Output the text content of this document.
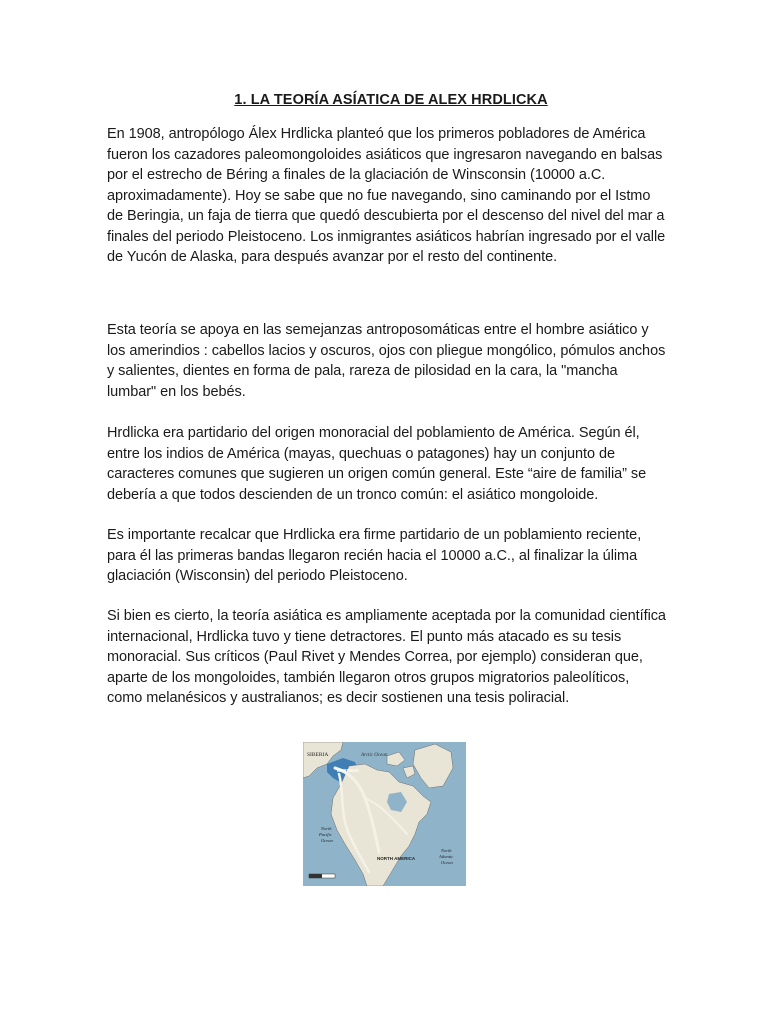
1. LA TEORÍA ASÍATICA DE ALEX HRDLICKA

En 1908, antropólogo Álex Hrdlicka planteó que los primeros pobladores de América fueron los cazadores paleomongoloides asiáticos que ingresaron navegando en balsas por el estrecho de Béring a finales de la glaciación de Winsconsin (10000 a.C. aproximadamente). Hoy se sabe que no fue navegando, sino caminando por el Istmo de Beringia, un faja de tierra que quedó descubierta por el descenso del nivel del mar a finales del periodo Pleistoceno. Los inmigrantes asiáticos habrían ingresado por el valle de Yucón de Alaska, para después avanzar por el resto del continente.

Esta teoría se apoya en las semejanzas antroposomáticas entre el hombre asiático y los amerindios : cabellos lacios y oscuros, ojos con pliegue mongólico, pómulos anchos y salientes, dientes en forma de pala, rareza de pilosidad en la cara, la "mancha lumbar" en los bebés.

Hrdlicka era partidario del origen monoracial del poblamiento de América. Según él, entre los indios de América (mayas, quechuas o patagones) hay un conjunto de caracteres comunes que sugieren un origen común general. Este “aire de familia” se debería a que todos descienden de un tronco común: el asiático mongoloide.

Es importante recalcar que Hrdlicka era firme partidario de un poblamiento reciente, para él las primeras bandas llegaron recién hacia el 10000 a.C., al finalizar la úlima glaciación (Wisconsin) del periodo Pleistoceno.

Si bien es cierto, la teoría asiática es ampliamente aceptada por la comunidad científica internacional, Hrdlicka tuvo y tiene detractores. El punto más atacado es su tesis monoracial. Sus críticos (Paul Rivet y Mendes Correa, por ejemplo) consideran que, aparte de los mongoloides, también llegaron otros grupos migratorios paleolíticos, como melanésicos y australianos; es decir sostienen una tesis poliracial.

SIBERIA	Arctic Ocean
BERINGIA
North
Pacific
Ocean
NORTH AMERICA
North
Atlantic
Ocean
